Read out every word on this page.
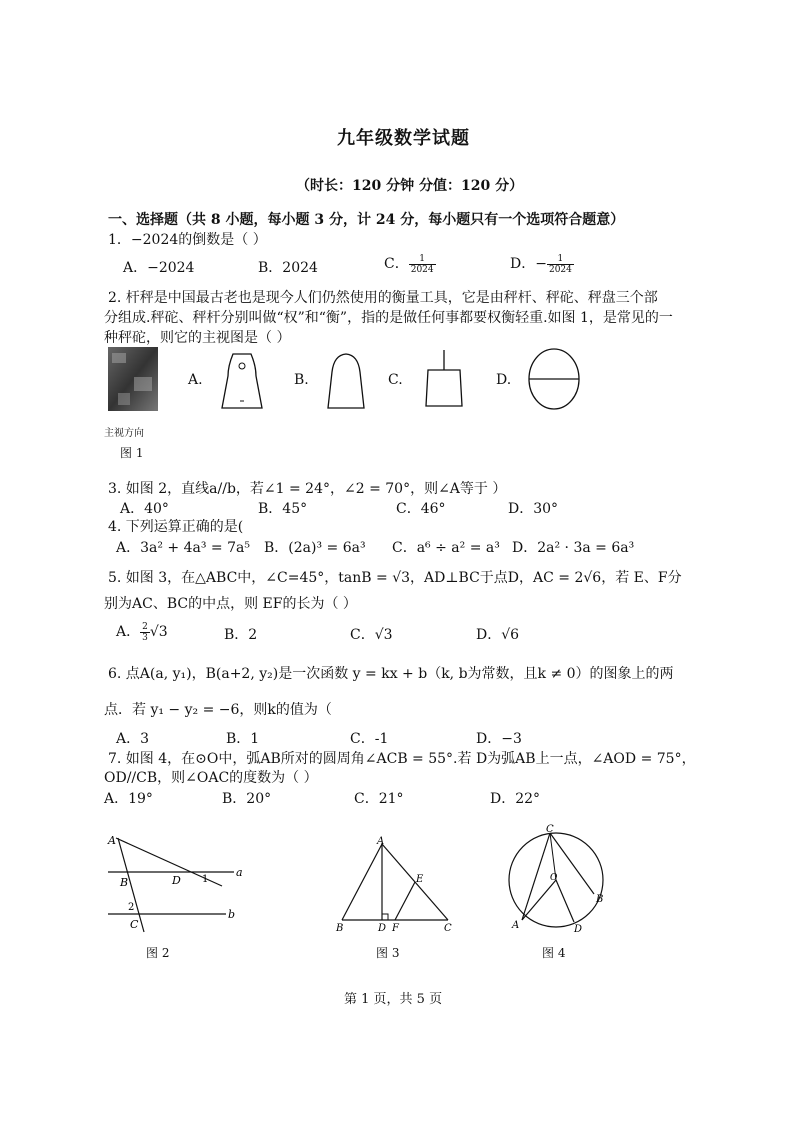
九年级数学试题
（时长：120 分钟 分值：120 分）
一、选择题（共 8 小题，每小题 3 分，计 24 分，每小题只有一个选项符合题意）
1．−2024的倒数是（ ）
A．−2024	B．2024	C． $\frac{1}{2024}$	D．− $\frac{1}{2024}$
2. 杆秤是中国最古老也是现今人们仍然使用的衡量工具，它是由秤杆、秤砣、秤盘三个部
分组成.秤砣、秤杆分别叫做“权”和“衡”，指的是做任何事都要权衡轻重.如图 1，是常见的一
种秤砣，则它的主视图是（ ）
主视方向
图 1
A.	B.	C.	D.
3. 如图 2，直线a//b，若∠1 = 24°，∠2 = 70°，则∠A等于 ）
A．40°	B．45°	C．46°	D．30°
4. 下列运算正确的是(
A．3a² + 4a³ = 7a⁵ B．(2a)³ = 6a³ C．a⁶ ÷ a² = a³ D．2a² · 3a = 6a³
5. 如图 3，在△ABC中，∠C=45°，tanB = √3，AD⊥BC于点D，AC = 2√6，若 E、F分
别为AC、BC的中点，则 EF的长为（ ）
A． $\frac{2}{3} √3$	B．2	C．√3	D．√6
6. 点A(a, y₁)，B(a+2, y₂)是一次函数 y = kx + b（k, b为常数，且k ≠ 0）的图象上的两
点．若 y₁ − y₂ = −6，则k的值为（
A．3	B．1	C．-1	D．−3
7. 如图 4，在⊙O中，弧AB所对的圆周角∠ACB = 55°.若 D为弧AB上一点，∠AOD = 75°，
OD//CB，则∠OAC的度数为（ ）
A．19°	B．20°	C．21°	D．22°
A
B
C
D 1
2
a
b
图 2
A
B	C
D
E
F
图 3
C
O
A
B
D
图 4
第 1 页，共 5 页
